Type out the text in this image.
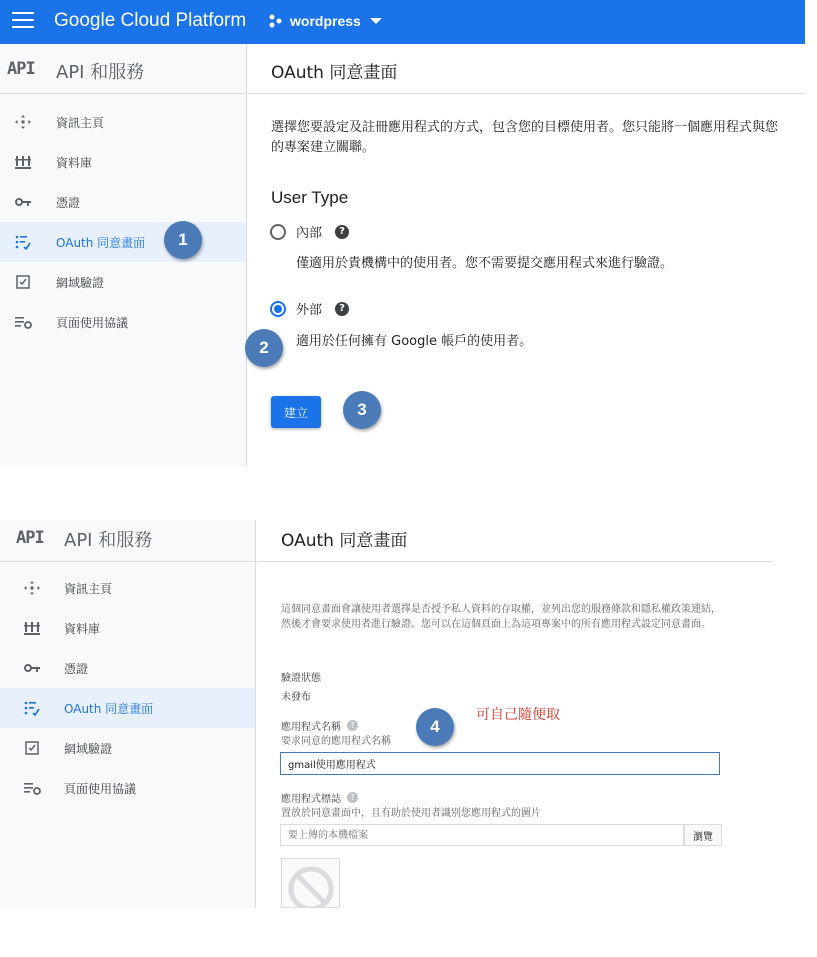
Google Cloud Platform	wordpress
API API 和服務
資訊主頁
資料庫
憑證
OAuth 同意畫面
網域驗證
頁面使用協議
OAuth 同意畫面

選擇您要設定及註冊應用程式的方式，包含您的目標使用者。您只能將一個應用程式與您的專案建立關聯。

User Type
內部	?
僅適用於貴機構中的使用者。您不需要提交應用程式來進行驗證。
外部	?
適用於任何擁有 Google 帳戶的使用者。
建立
API API 和服務
資訊主頁
資料庫
憑證
OAuth 同意畫面
網域驗證
頁面使用協議
OAuth 同意畫面

這個同意畫面會讓使用者選擇是否授予私人資料的存取權，並列出您的服務條款和隱私權政策連結，然後才會要求使用者進行驗證。您可以在這個頁面上為這項專案中的所有應用程式設定同意畫面。

驗證狀態
未發布
應用程式名稱	?
要求同意的應用程式名稱
gmail使用應用程式
應用程式標誌	?
置放於同意畫面中，且有助於使用者識別您應用程式的圖片
要上傳的本機檔案
瀏覽
1
2
3
4
可自己隨便取
